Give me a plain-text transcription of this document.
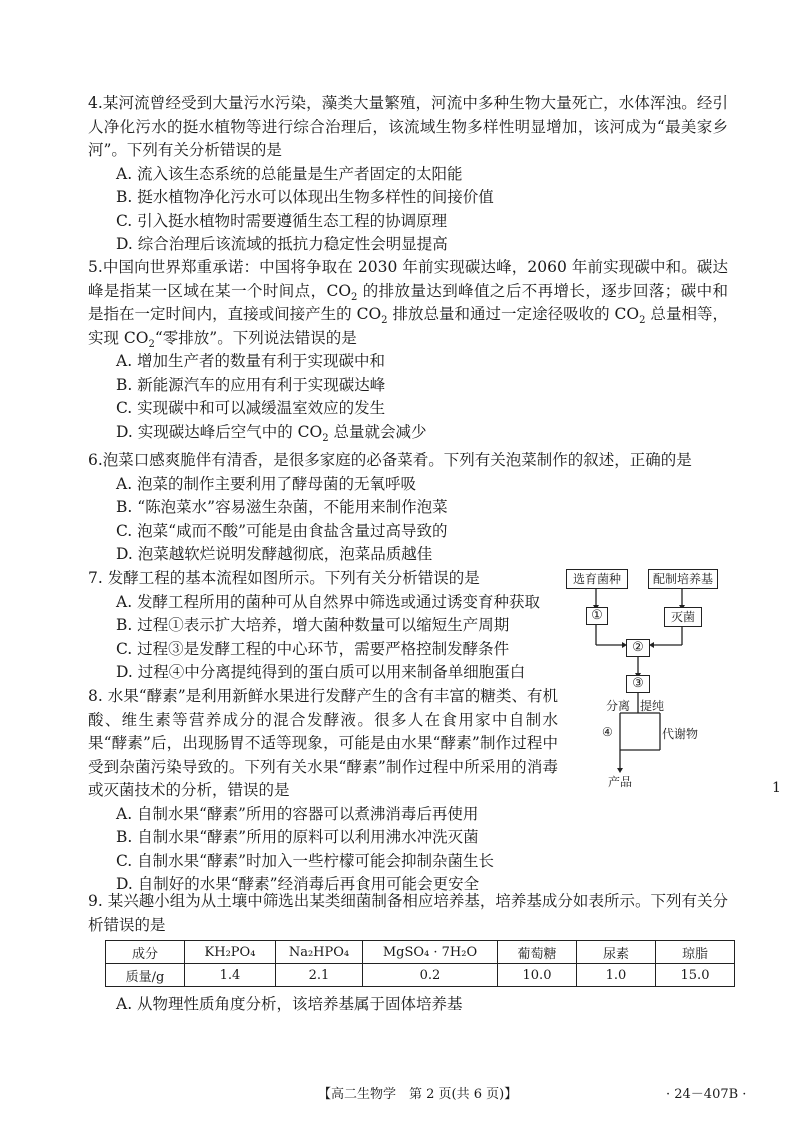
4.某河流曾经受到大量污水污染，藻类大量繁殖，河流中多种生物大量死亡，水体浑浊。经引人净化污水的挺水植物等进行综合治理后，该流域生物多样性明显增加，该河成为“最美家乡河”。下列有关分析错误的是

A. 流入该生态系统的总能量是生产者固定的太阳能

B. 挺水植物净化污水可以体现出生物多样性的间接价值

C. 引入挺水植物时需要遵循生态工程的协调原理

D. 综合治理后该流域的抵抗力稳定性会明显提高

5.中国向世界郑重承诺：中国将争取在 2030 年前实现碳达峰，2060 年前实现碳中和。碳达峰是指某一区域在某一个时间点，$CO_2$ 的排放量达到峰值之后不再增长，逐步回落；碳中和是指在一定时间内，直接或间接产生的 $CO_2$ 排放总量和通过一定途径吸收的 $CO_2$ 总量相等，实现 $CO_2“$零排放”。下列说法错误的是

A. 增加生产者的数量有利于实现碳中和

B. 新能源汽车的应用有利于实现碳达峰

C. 实现碳中和可以减缓温室效应的发生

D. 实现碳达峰后空气中的 $CO_2$ 总量就会减少

6.泡菜口感爽脆伴有清香，是很多家庭的必备菜肴。下列有关泡菜制作的叙述，正确的是

A. 泡菜的制作主要利用了酵母菌的无氧呼吸

B. “陈泡菜水”容易滋生杂菌，不能用来制作泡菜

C. 泡菜“咸而不酸”可能是由食盐含量过高导致的

D. 泡菜越软烂说明发酵越彻底，泡菜品质越佳

7. 发酵工程的基本流程如图所示。下列有关分析错误的是

A. 发酵工程所用的菌种可从自然界中筛选或通过诱变育种获取

B. 过程①表示扩大培养，增大菌种数量可以缩短生产周期

C. 过程③是发酵工程的中心环节，需要严格控制发酵条件

D. 过程④中分离提纯得到的蛋白质可以用来制备单细胞蛋白

8. 水果“酵素”是利用新鲜水果进行发酵产生的含有丰富的糖类、有机酸、维生素等营养成分的混合发酵液。很多人在食用家中自制水果“酵素”后，出现肠胃不适等现象，可能是由水果“酵素”制作过程中受到杂菌污染导致的。下列有关水果“酵素”制作过程中所采用的消毒或灭菌技术的分析，错误的是

A. 自制水果“酵素”所用的容器可以煮沸消毒后再使用

B. 自制水果“酵素”所用的原料可以利用沸水冲洗灭菌

C. 自制水果“酵素”时加入一些柠檬可能会抑制杂菌生长

D. 自制好的水果“酵素”经消毒后再食用可能会更安全

9. 某兴趣小组为从土壤中筛选出某类细菌制备相应培养基，培养基成分如表所示。下列有关分析错误的是

A. 从物理性质角度分析，该培养基属于固体培养基

选育菌种	配制培养基
①	灭菌
②
③
分离 提纯
④	代谢物
产品
成分	KH₂PO₄	Na₂HPO₄	MgSO₄ · 7H₂O	葡萄糖	尿素	琼脂
质量/g	1.4	2.1	0.2	10.0	1.0	15.0
【高二生物学　第 2 页(共 6 页)】	· 24－407B ·
1
